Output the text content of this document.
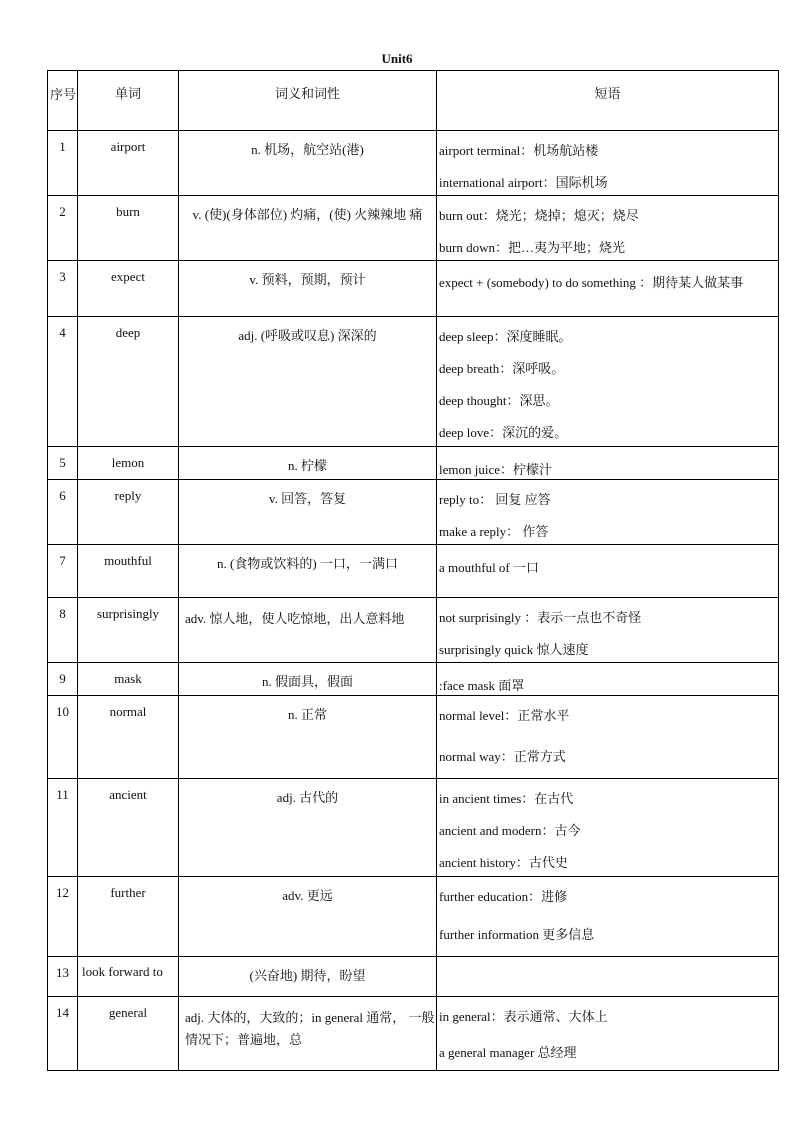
Unit6
序号	单词	词义和词性	短语
1	airport	n. 机场，航空站(港)	airport terminal：机场航站楼
international airport：国际机场

2	burn	v. (使)(身体部位) 灼痛，(使) 火辣辣地 痛	burn out：烧光；烧掉；熄灭；烧尽
burn down：把…夷为平地；烧光

3	expect	v. 预料，预期，预计	expect + (somebody) to do something ：期待某人做某事
4	deep	adj. (呼吸或叹息) 深深的	deep sleep：深度睡眠。
deep breath：深呼吸。
deep thought：深思。
deep love：深沉的爱。

5	lemon	n. 柠檬	lemon juice：柠檬汁
6	reply	v. 回答，答复	reply to： 回复 应答
make a reply： 作答

7	mouthful	n. (食物或饮料的) 一口，一满口	a mouthful of 一口
8	surprisingly	adv. 惊人地，使人吃惊地，出人意料地	not surprisingly ：表示一点也不奇怪
surprisingly quick 惊人速度

9	mask	n. 假面具，假面	:face mask 面罩
10	normal	n. 正常	normal level：正常水平
normal way：正常方式

11	ancient	adj. 古代的	in ancient times：在古代
ancient and modern：古今
ancient history：古代史

12	further	adv. 更远	further education：进修
further information 更多信息

13	look forward to	(兴奋地) 期待，盼望	
14	general	adj. 大体的，大致的；in general 通常， 一般情况下；普遍地，总	in general：表示通常、大体上
a general manager 总经理
